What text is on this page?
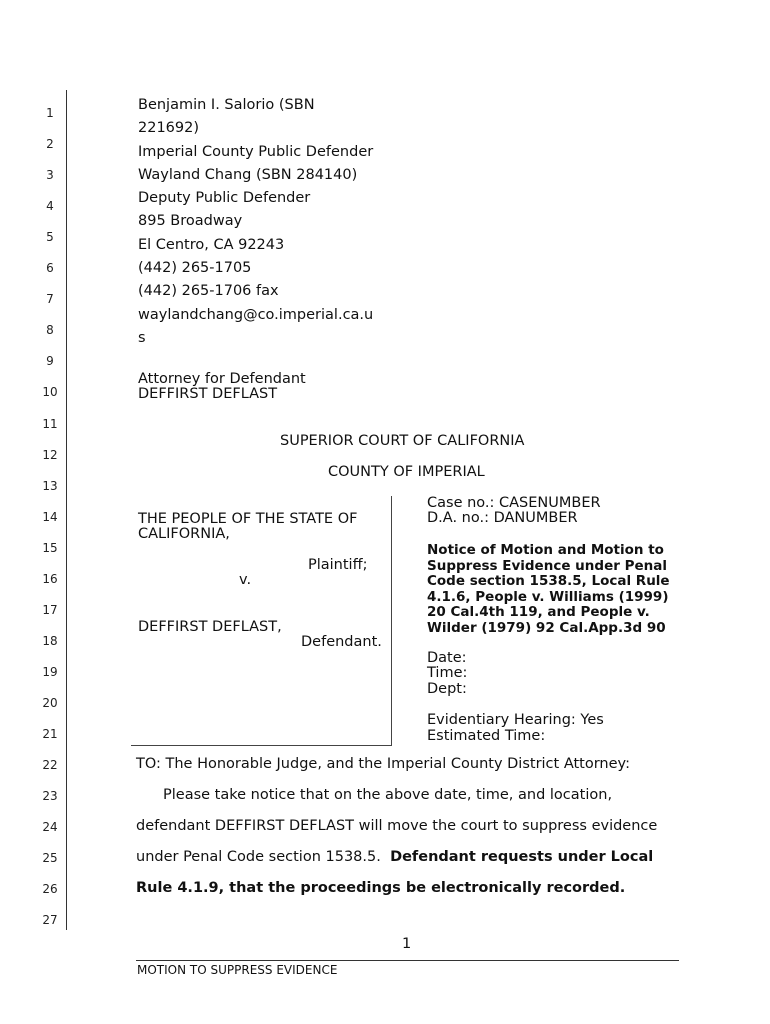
1
2
3
4
5
6
7
8
9
10
11
12
13
14
15
16
17
18
19
20
21
22
23
24
25
26
27
Benjamin I. Salorio (SBN
221692)
Imperial County Public Defender
Wayland Chang (SBN 284140)
Deputy Public Defender
895 Broadway
El Centro, CA 92243
(442) 265-1705
(442) 265-1706 fax
waylandchang@co.imperial.ca.u
s
Attorney for Defendant
DEFFIRST DEFLAST
SUPERIOR COURT OF CALIFORNIA
COUNTY OF IMPERIAL
THE PEOPLE OF THE STATE OF
CALIFORNIA,
Plaintiff;
v.
DEFFIRST DEFLAST,
Defendant.
Case no.: CASENUMBER
D.A. no.: DANUMBER
Notice of Motion and Motion to
Suppress Evidence under Penal
Code section 1538.5, Local Rule
4.1.6, People v. Williams (1999)
20 Cal.4th 119, and People v.
Wilder (1979) 92 Cal.App.3d 90
Date:
Time:
Dept:
Evidentiary Hearing: Yes
Estimated Time:
TO: The Honorable Judge, and the Imperial County District Attorney:
Please take notice that on the above date, time, and location,
defendant DEFFIRST DEFLAST will move the court to suppress evidence
under Penal Code section 1538.5.  Defendant requests under Local
Rule 4.1.9, that the proceedings be electronically recorded.
1
MOTION TO SUPPRESS EVIDENCE
